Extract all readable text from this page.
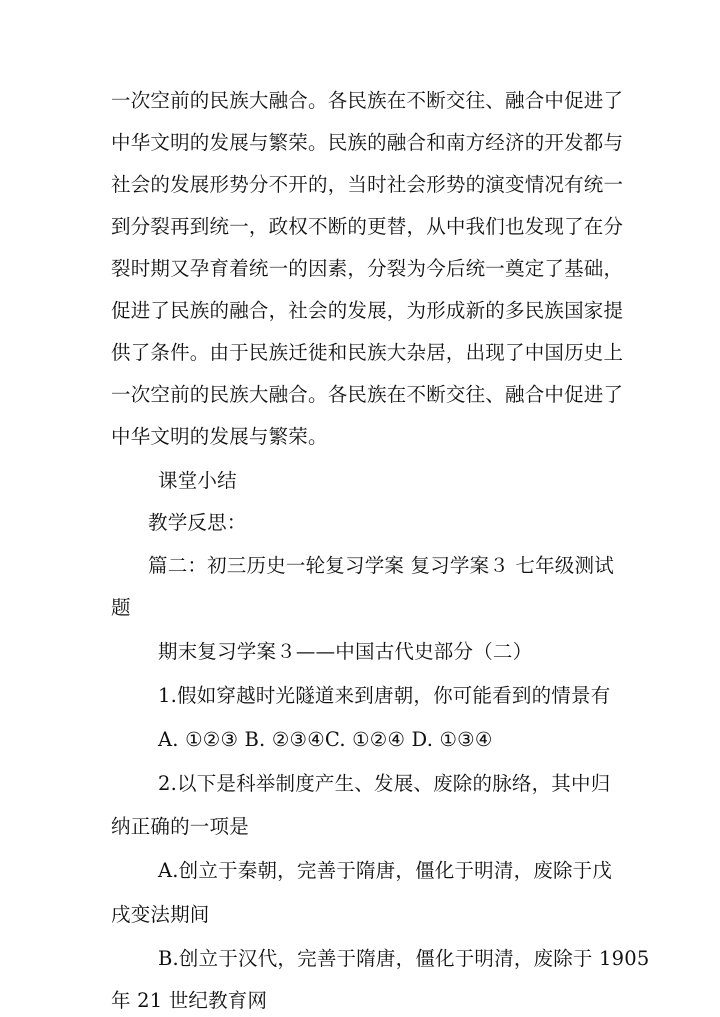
一次空前的民族大融合。各民族在不断交往、融合中促进了
中华文明的发展与繁荣。民族的融合和南方经济的开发都与
社会的发展形势分不开的，当时社会形势的演变情况有统一
到分裂再到统一，政权不断的更替，从中我们也发现了在分
裂时期又孕育着统一的因素，分裂为今后统一奠定了基础，
促进了民族的融合，社会的发展，为形成新的多民族国家提
供了条件。由于民族迁徙和民族大杂居，出现了中国历史上
一次空前的民族大融合。各民族在不断交往、融合中促进了
中华文明的发展与繁荣。
课堂小结
教学反思：
篇二：初三历史一轮复习学案 复习学案３ 七年级测试
题
期末复习学案３——中国古代史部分（二）
1.假如穿越时光隧道来到唐朝，你可能看到的情景有
A. ①②③ B. ②③④C. ①②④ D. ①③④
2.以下是科举制度产生、发展、废除的脉络，其中归
纳正确的一项是
A.创立于秦朝，完善于隋唐，僵化于明清，废除于戊
戌变法期间
B.创立于汉代，完善于隋唐，僵化于明清，废除于 1905
年 21 世纪教育网
